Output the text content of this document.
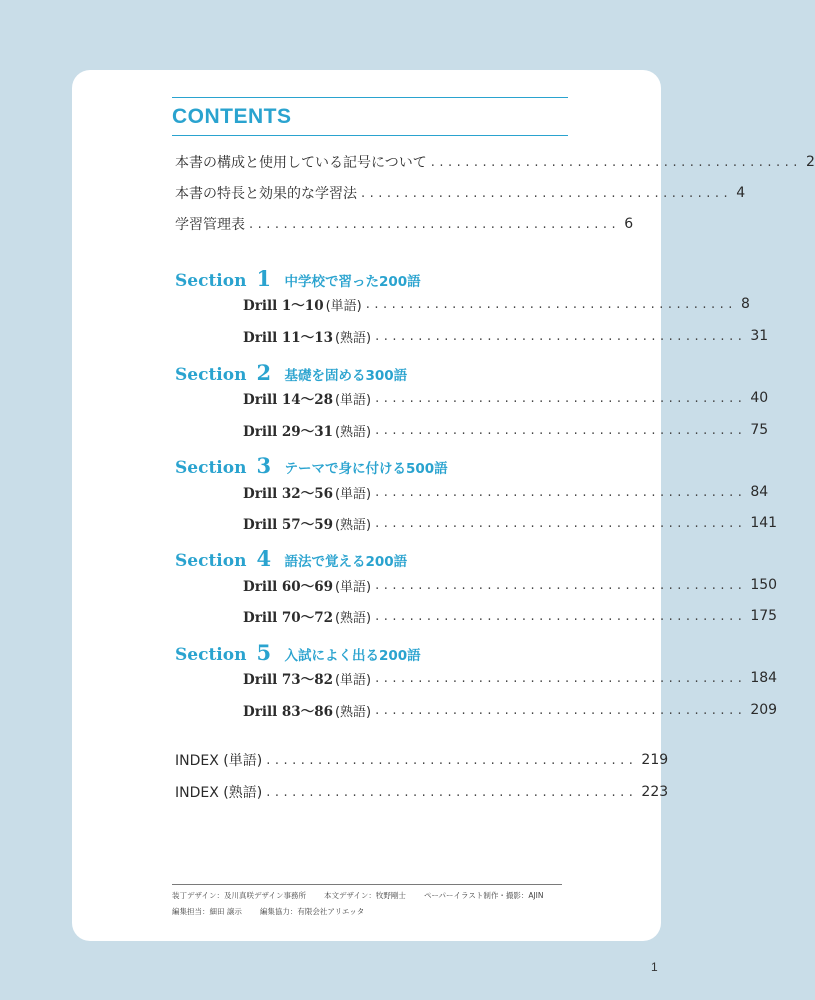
CONTENTS
本書の構成と使用している記号について ........................................... 2
本書の特長と効果的な学習法 ........................................... 4
学習管理表 ........................................... 6
Section 1 中学校で習った200語
Drill 1～10 (単語) ........................................... 8
Drill 11～13 (熟語) ........................................... 31
Section 2 基礎を固める300語
Drill 14～28 (単語) ........................................... 40
Drill 29～31 (熟語) ........................................... 75
Section 3 テーマで身に付ける500語
Drill 32～56 (単語) ........................................... 84
Drill 57～59 (熟語) ........................................... 141
Section 4 語法で覚える200語
Drill 60～69 (単語) ........................................... 150
Drill 70～72 (熟語) ........................................... 175
Section 5 入試によく出る200語
Drill 73～82 (単語) ........................................... 184
Drill 83～86 (熟語) ........................................... 209
INDEX (単語) ........................................... 219
INDEX (熟語) ........................................... 223
装丁デザイン：及川真咲デザイン事務所 本文デザイン：牧野剛士 ペーパーイラスト制作・撮影：AJIN
編集担当：細田 譲示 編集協力：有限会社アリエッタ
1
